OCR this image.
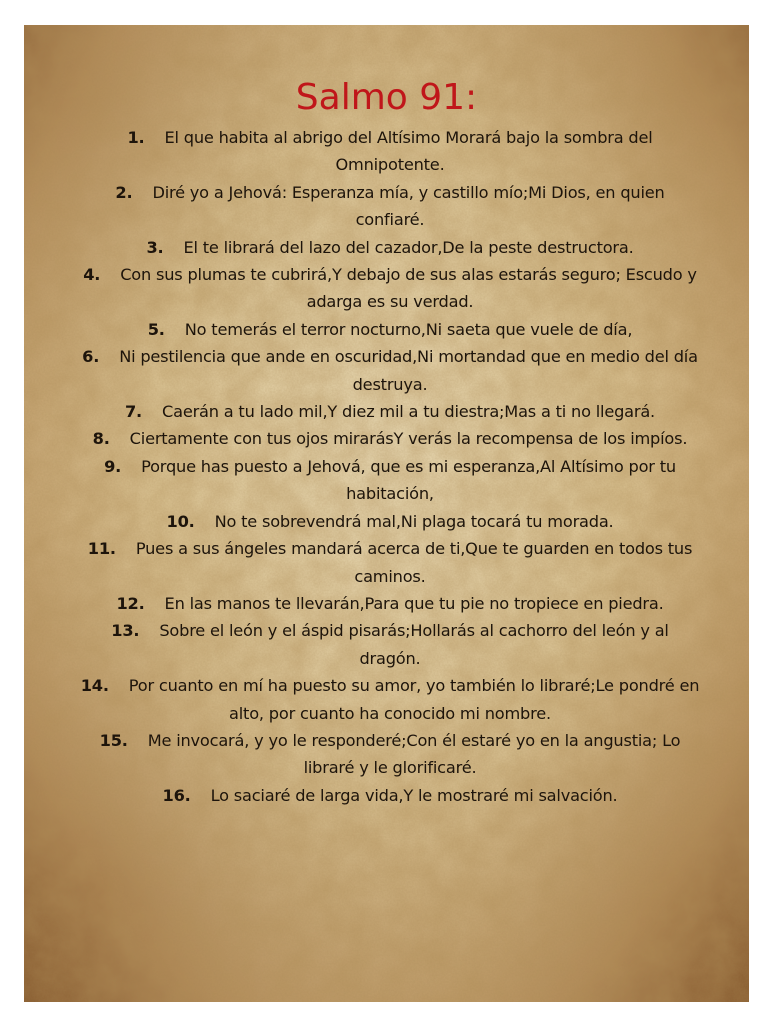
Salmo 91:
1. El que habita al abrigo del Altísimo Morará bajo la sombra del Omnipotente.
2. Diré yo a Jehová: Esperanza mía, y castillo mío;Mi Dios, en quien confiaré.
3. El te librará del lazo del cazador,De la peste destructora.
4. Con sus plumas te cubrirá,Y debajo de sus alas estarás seguro; Escudo y adarga es su verdad.
5. No temerás el terror nocturno,Ni saeta que vuele de día,
6. Ni pestilencia que ande en oscuridad,Ni mortandad que en medio del día destruya.
7. Caerán a tu lado mil,Y diez mil a tu diestra;Mas a ti no llegará.
8. Ciertamente con tus ojos mirarásY verás la recompensa de los impíos.
9. Porque has puesto a Jehová, que es mi esperanza,Al Altísimo por tu habitación,
10. No te sobrevendrá mal,Ni plaga tocará tu morada.
11. Pues a sus ángeles mandará acerca de ti,Que te guarden en todos tus caminos.
12. En las manos te llevarán,Para que tu pie no tropiece en piedra.
13. Sobre el león y el áspid pisarás;Hollarás al cachorro del león y al dragón.
14. Por cuanto en mí ha puesto su amor, yo también lo libraré;Le pondré en alto, por cuanto ha conocido mi nombre.
15. Me invocará, y yo le responderé;Con él estaré yo en la angustia; Lo libraré y le glorificaré.
16. Lo saciaré de larga vida,Y le mostraré mi salvación.
